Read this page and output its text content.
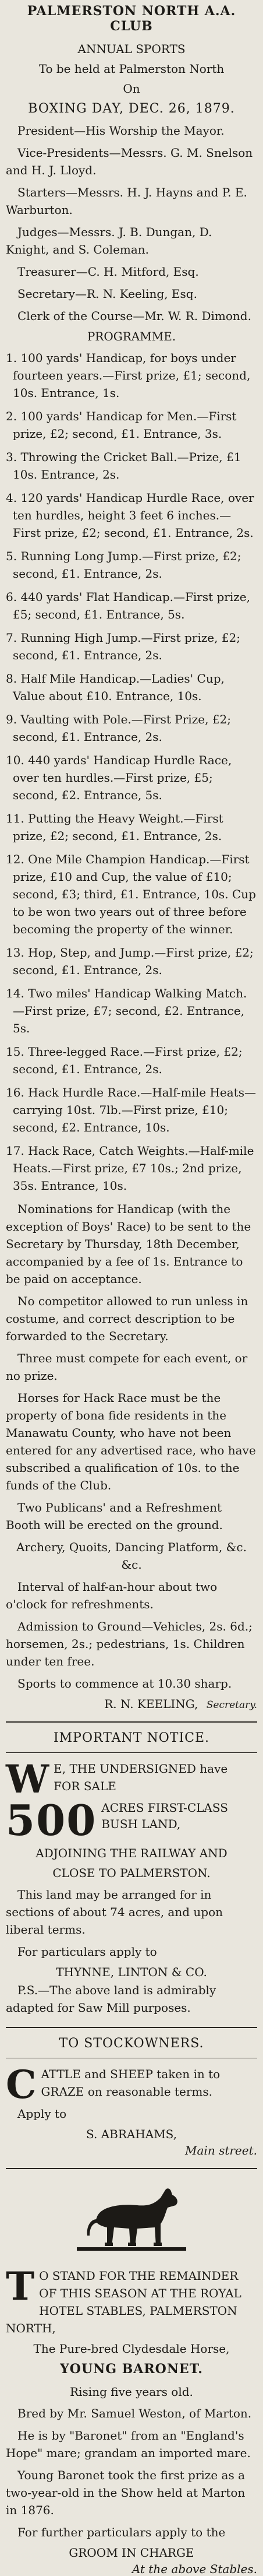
PALMERSTON NORTH A.A. CLUB
ANNUAL SPORTS
To be held at Palmerston North
On
BOXING DAY, DEC. 26, 1879.

President—His Worship the Mayor.

Vice-Presidents—Messrs. G. M. Snelson and H. J. Lloyd.

Starters—Messrs. H. J. Hayns and P. E. Warburton.

Judges—Messrs. J. B. Dungan, D. Knight, and S. Coleman.

Treasurer—C. H. Mitford, Esq.

Secretary—R. N. Keeling, Esq.

Clerk of the Course—Mr. W. R. Dimond.

PROGRAMME.

1. 100 yards' Handicap, for boys under fourteen years.—First prize, £1; second, 10s. Entrance, 1s.

2. 100 yards' Handicap for Men.—First prize, £2; second, £1. Entrance, 3s.

3. Throwing the Cricket Ball.—Prize, £1 10s. Entrance, 2s.

4. 120 yards' Handicap Hurdle Race, over ten hurdles, height 3 feet 6 inches.—First prize, £2; second, £1. Entrance, 2s.

5. Running Long Jump.—First prize, £2; second, £1. Entrance, 2s.

6. 440 yards' Flat Handicap.—First prize, £5; second, £1. Entrance, 5s.

7. Running High Jump.—First prize, £2; second, £1. Entrance, 2s.

8. Half Mile Handicap.—Ladies' Cup, Value about £10. Entrance, 10s.

9. Vaulting with Pole.—First Prize, £2; second, £1. Entrance, 2s.

10. 440 yards' Handicap Hurdle Race, over ten hurdles.—First prize, £5; second, £2. Entrance, 5s.

11. Putting the Heavy Weight.—First prize, £2; second, £1. Entrance, 2s.

12. One Mile Champion Handicap.—First prize, £10 and Cup, the value of £10; second, £3; third, £1. Entrance, 10s. Cup to be won two years out of three before becoming the property of the winner.

13. Hop, Step, and Jump.—First prize, £2; second, £1. Entrance, 2s.

14. Two miles' Handicap Walking Match.—First prize, £7; second, £2. Entrance, 5s.

15. Three-legged Race.—First prize, £2; second, £1. Entrance, 2s.

16. Hack Hurdle Race.—Half-mile Heats—carrying 10st. 7lb.—First prize, £10; second, £2. Entrance, 10s.

17. Hack Race, Catch Weights.—Half-mile Heats.—First prize, £7 10s.; 2nd prize, 35s. Entrance, 10s.

Nominations for Handicap (with the exception of Boys' Race) to be sent to the Secretary by Thursday, 18th December, accompanied by a fee of 1s. Entrance to be paid on acceptance.

No competitor allowed to run unless in costume, and correct description to be forwarded to the Secretary.

Three must compete for each event, or no prize.

Horses for Hack Race must be the property of bona fide residents in the Manawatu County, who have not been entered for any advertised race, who have subscribed a qualification of 10s. to the funds of the Club.

Two Publicans' and a Refreshment Booth will be erected on the ground.

Archery, Quoits, Dancing Platform, &c. &c.

Interval of half-an-hour about two o'clock for refreshments.

Admission to Ground—Vehicles, 2s. 6d.; horsemen, 2s.; pedestrians, 1s. Children under ten free.

Sports to commence at 10.30 sharp.

R. N. KEELING, Secretary.
IMPORTANT NOTICE.

W E, THE UNDERSIGNED have FOR SALE

500 ACRES FIRST-CLASS
BUSH LAND,
ADJOINING THE RAILWAY AND
CLOSE TO PALMERSTON.

This land may be arranged for in sections of about 74 acres, and upon liberal terms.

For particulars apply to

THYNNE, LINTON & CO.

P.S.—The above land is admirably adapted for Saw Mill purposes.

TO STOCKOWNERS.

CATTLE and SHEEP taken in to GRAZE on reasonable terms.

Apply to

S. ABRAHAMS,
Main street.

T O STAND FOR THE REMAINDER OF THIS SEASON AT THE ROYAL HOTEL STABLES, PALMERSTON NORTH,

The Pure-bred Clydesdale Horse,
YOUNG BARONET.
Rising five years old.

Bred by Mr. Samuel Weston, of Marton.

He is by "Baronet" from an "England's Hope" mare; grandam an imported mare.

Young Baronet took the first prize as a two-year-old in the Show held at Marton in 1876.

For further particulars apply to the

GROOM IN CHARGE
At the above Stables.
